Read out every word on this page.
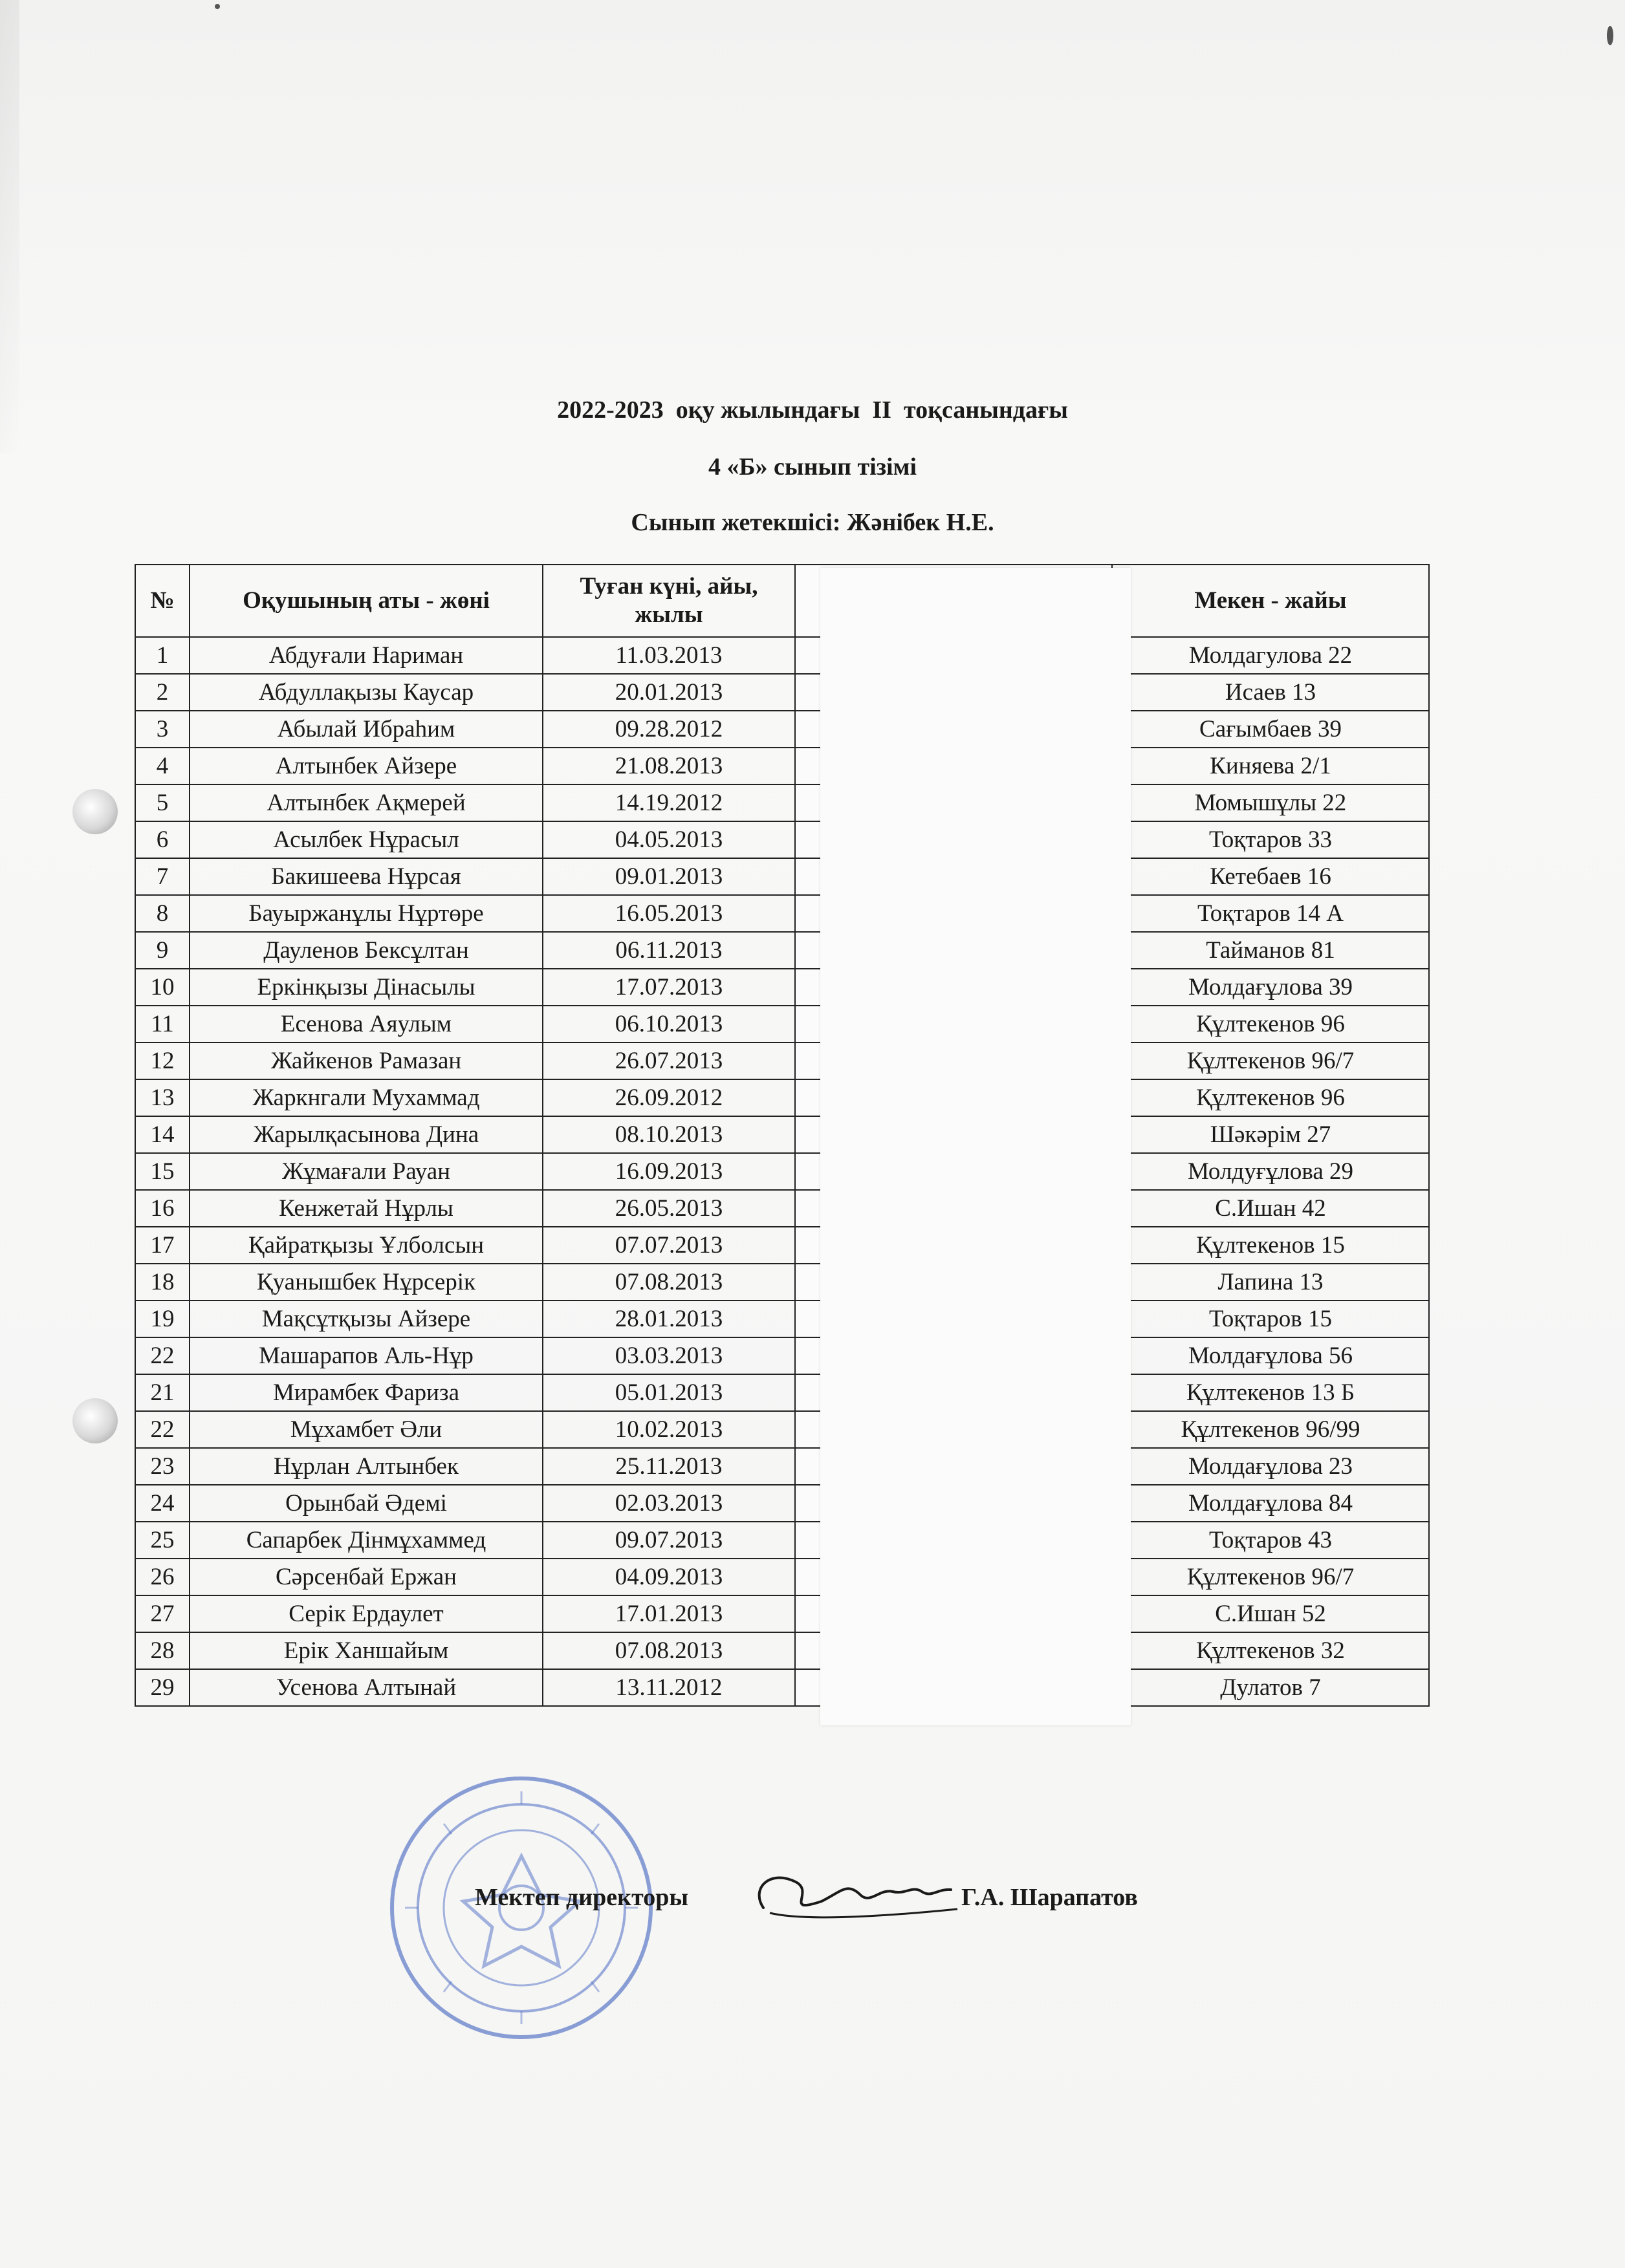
2022-2023  оқу жылындағы  II  тоқсанындағы
4 «Б» сынып тізімі
Сынып жетекшісі: Жәнібек Н.Е.
№	Оқушының аты - жөні	Туған күні, айы, жылы		Мекен - жайы
1	Абдуғали Нариман	11.03.2013		Молдагулова 22
2	Абдуллақызы Каусар	20.01.2013		Исаев 13
3	Абылай Ибраһим	09.28.2012		Сағымбаев 39
4	Алтынбек Айзере	21.08.2013		Киняева 2/1
5	Алтынбек Ақмерей	14.19.2012		Момышұлы 22
6	Асылбек Нұрасыл	04.05.2013		Тоқтаров 33
7	Бакишеева Нұрсая	09.01.2013		Кетебаев 16
8	Бауыржанұлы Нұртөре	16.05.2013		Тоқтаров 14 А
9	Дауленов Бексұлтан	06.11.2013		Тайманов 81
10	Еркінқызы Дінасылы	17.07.2013		Молдағұлова 39
11	Есенова Аяулым	06.10.2013		Құлтекенов 96
12	Жайкенов Рамазан	26.07.2013		Құлтекенов 96/7
13	Жаркнгали Мухаммад	26.09.2012		Құлтекенов 96
14	Жарылқасынова Дина	08.10.2013		Шәкәрім 27
15	Жұмағали Рауан	16.09.2013		Молдуғұлова 29
16	Кенжетай Нұрлы	26.05.2013		С.Ишан 42
17	Қайратқызы Ұлболсын	07.07.2013		Құлтекенов 15
18	Қуанышбек Нұрсерік	07.08.2013		Лапина 13
19	Мақсұтқызы Айзере	28.01.2013		Тоқтаров 15
22	Машарапов Аль-Нұр	03.03.2013		Молдағұлова 56
21	Мирамбек Фариза	05.01.2013		Құлтекенов 13 Б
22	Мұхамбет Әли	10.02.2013		Құлтекенов 96/99
23	Нұрлан Алтынбек	25.11.2013		Молдағұлова 23
24	Орынбай Әдемі	02.03.2013		Молдағұлова 84
25	Сапарбек Дінмұхаммед	09.07.2013		Тоқтаров 43
26	Сәрсенбай Ержан	04.09.2013		Құлтекенов 96/7
27	Серік Ердаулет	17.01.2013		С.Ишан 52
28	Ерік Ханшайым	07.08.2013		Құлтекенов 32
29	Усенова Алтынай	13.11.2012		Дулатов 7
Мектеп директоры	Г.А. Шарапатов
